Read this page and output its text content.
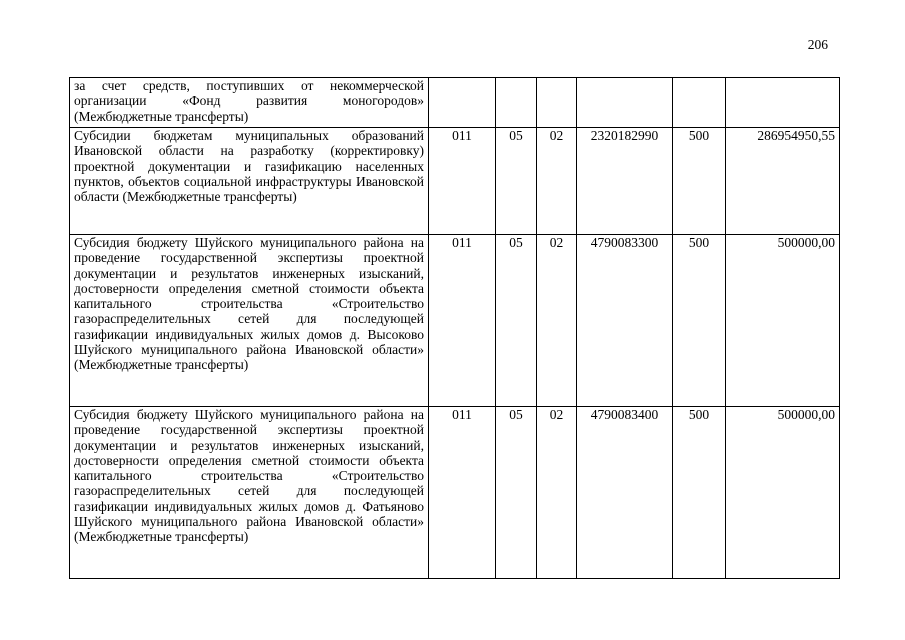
206
за счет средств, поступивших от некоммерческой организации «Фонд развития моногородов» (Межбюджетные трансферты)						
Субсидии бюджетам муниципальных образований Ивановской области на разработку (корректировку) проектной документации и газификацию населенных пунктов, объектов социальной инфраструктуры Ивановской области (Межбюджетные трансферты)	011	05	02	2320182990	500	286954950,55
Субсидия бюджету Шуйского муниципального района на проведение государственной экспертизы проектной документации и результатов инженерных изысканий, достоверности определения сметной стоимости объекта капитального строительства «Строительство газораспределительных сетей для последующей газификации индивидуальных жилых домов д. Высоково Шуйского муниципального района Ивановской области» (Межбюджетные трансферты)	011	05	02	4790083300	500	500000,00
Субсидия бюджету Шуйского муниципального района на проведение государственной экспертизы проектной документации и результатов инженерных изысканий, достоверности определения сметной стоимости объекта капитального строительства «Строительство газораспределительных сетей для последующей газификации индивидуальных жилых домов д. Фатьяново Шуйского муниципального района Ивановской области» (Межбюджетные трансферты)	011	05	02	4790083400	500	500000,00
